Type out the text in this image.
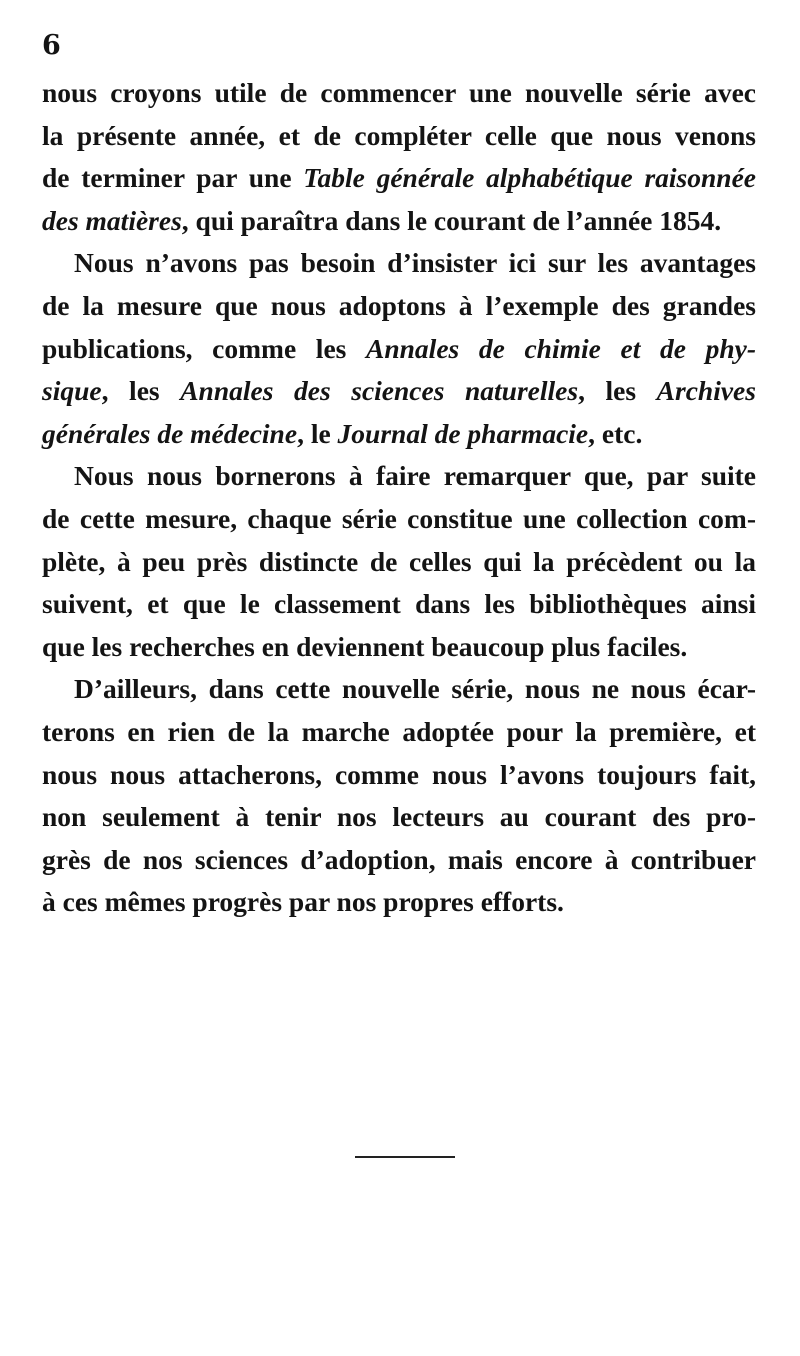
6
nous croyons utile de commencer une nouvelle série avec
la présente année, et de compléter celle que nous venons
de terminer par une Table générale alphabétique raisonnée
des matières, qui paraîtra dans le courant de l’année 1854.
Nous n’avons pas besoin d’insister ici sur les avantages
de la mesure que nous adoptons à l’exemple des grandes
publications, comme les Annales de chimie et de phy-
sique, les Annales des sciences naturelles, les Archives
générales de médecine, le Journal de pharmacie, etc.
Nous nous bornerons à faire remarquer que, par suite
de cette mesure, chaque série constitue une collection com-
plète, à peu près distincte de celles qui la précèdent ou la
suivent, et que le classement dans les bibliothèques ainsi
que les recherches en deviennent beaucoup plus faciles.
D’ailleurs, dans cette nouvelle série, nous ne nous écar-
terons en rien de la marche adoptée pour la première, et
nous nous attacherons, comme nous l’avons toujours fait,
non seulement à tenir nos lecteurs au courant des pro-
grès de nos sciences d’adoption, mais encore à contribuer
à ces mêmes progrès par nos propres efforts.
